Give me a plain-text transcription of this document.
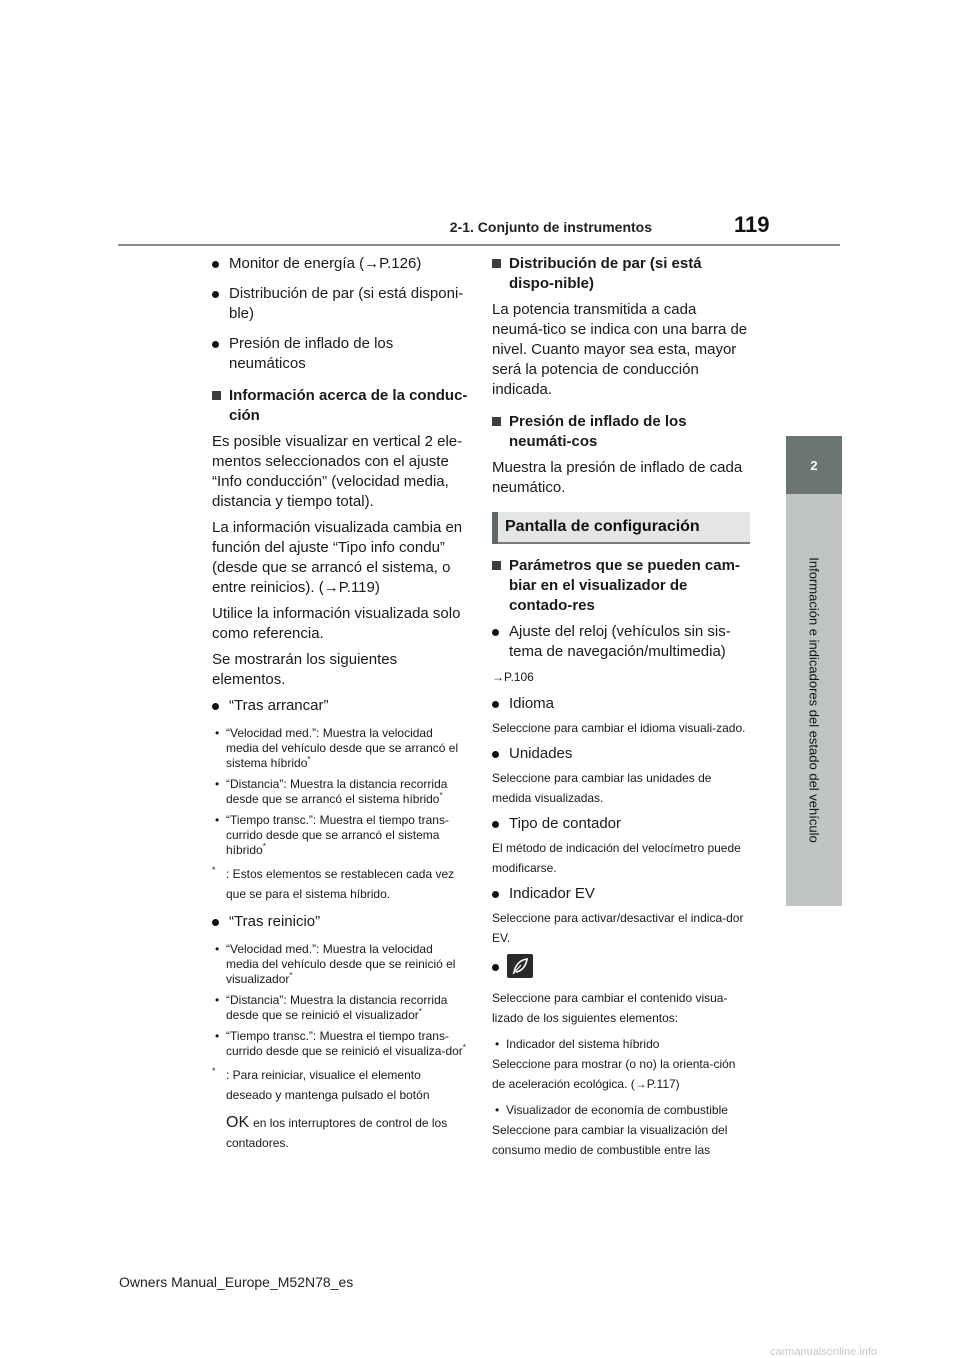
2-1. Conjunto de instrumentos	119
2
Información e indicadores del estado del vehículo
Monitor de energía (→P.126)
Distribución de par (si está disponi-ble)
Presión de inflado de los neumáticos
Información acerca de la conduc-ción

Es posible visualizar en vertical 2 ele-mentos seleccionados con el ajuste “Info conducción” (velocidad media, distancia y tiempo total).

La información visualizada cambia en función del ajuste “Tipo info condu” (desde que se arrancó el sistema, o entre reinicios). (→P.119)

Utilice la información visualizada solo como referencia.

Se mostrarán los siguientes elementos.

“Tras arrancar”
• “Velocidad med.”: Muestra la velocidad media del vehículo desde que se arrancó el sistema híbrido*
• “Distancia”: Muestra la distancia recorrida desde que se arrancó el sistema híbrido*
• “Tiempo transc.”: Muestra el tiempo trans-currido desde que se arrancó el sistema híbrido*
* : Estos elementos se restablecen cada vez que se para el sistema híbrido.
“Tras reinicio”
• “Velocidad med.”: Muestra la velocidad media del vehículo desde que se reinició el visualizador*
• “Distancia”: Muestra la distancia recorrida desde que se reinició el visualizador*
• “Tiempo transc.”: Muestra el tiempo trans-currido desde que se reinició el visualiza-dor*
* : Para reiniciar, visualice el elemento deseado y mantenga pulsado el botón
OK en los interruptores de control de los contadores.
Distribución de par (si está dispo-nible)

La potencia transmitida a cada neumá-tico se indica con una barra de nivel. Cuanto mayor sea esta, mayor será la potencia de conducción indicada.

Presión de inflado de los neumáti-cos

Muestra la presión de inflado de cada neumático.

Pantalla de configuración
Parámetros que se pueden cam-biar en el visualizador de contado-res
Ajuste del reloj (vehículos sin sis-tema de navegación/multimedia)
→P.106
Idioma

Seleccione para cambiar el idioma visuali-zado.

Unidades

Seleccione para cambiar las unidades de medida visualizadas.

Tipo de contador

El método de indicación del velocímetro puede modificarse.

Indicador EV

Seleccione para activar/desactivar el indica-dor EV.

Seleccione para cambiar el contenido visua-lizado de los siguientes elementos:

• Indicador del sistema híbrido

Seleccione para mostrar (o no) la orienta-ción de aceleración ecológica. (→P.117)

• Visualizador de economía de combustible

Seleccione para cambiar la visualización del consumo medio de combustible entre las

Owners Manual_Europe_M52N78_es
carmanualsonline.info
